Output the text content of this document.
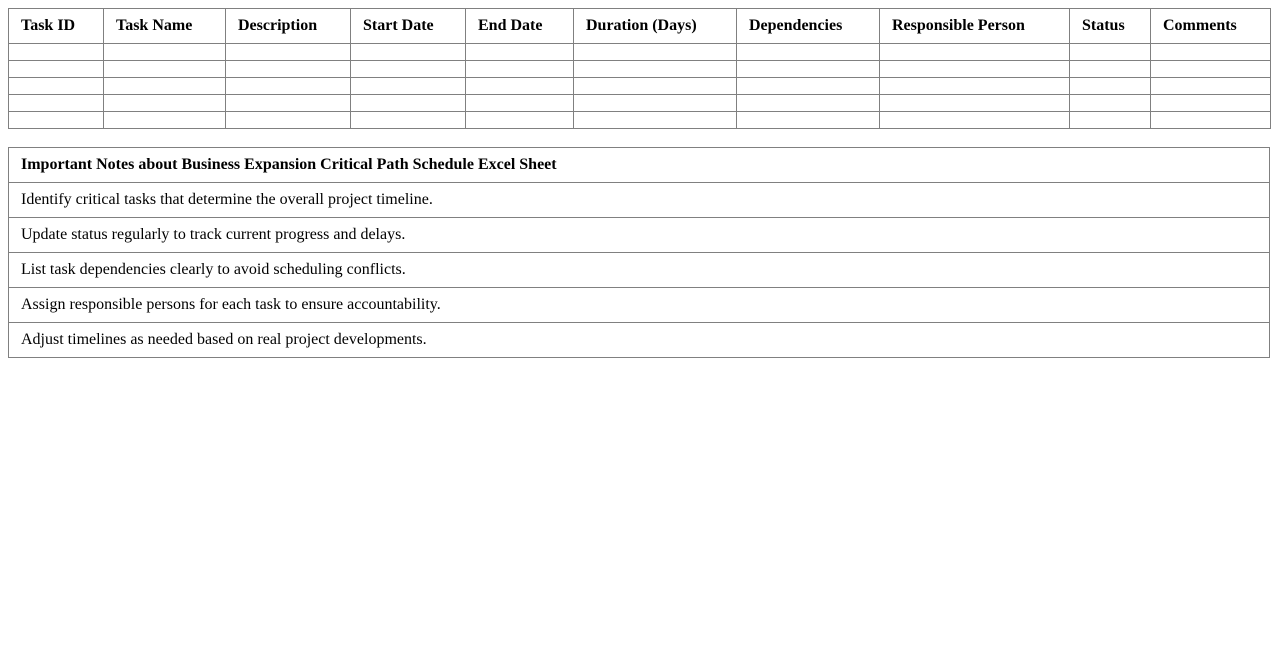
Task ID	Task Name	Description	Start Date	End Date	Duration (Days)	Dependencies	Responsible Person	Status	Comments

Important Notes about Business Expansion Critical Path Schedule Excel Sheet
Identify critical tasks that determine the overall project timeline.
Update status regularly to track current progress and delays.
List task dependencies clearly to avoid scheduling conflicts.
Assign responsible persons for each task to ensure accountability.
Adjust timelines as needed based on real project developments.
